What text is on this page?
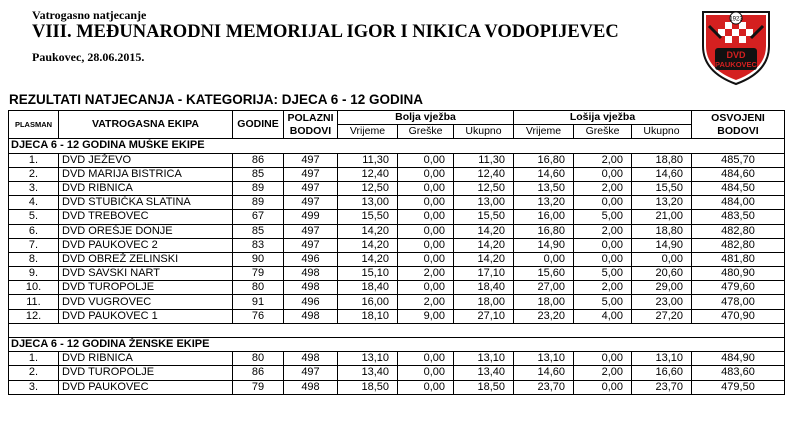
Vatrogasno natjecanje
VIII. MEĐUNARODNI MEMORIJAL IGOR I NIKICA VODOPIJEVEC
Paukovec, 28.06.2015.
1923
DVD
PAUKOVEC
REZULTATI NATJECANJA - KATEGORIJA: DJECA 6 - 12 GODINA
PLASMAN	VATROGASNA EKIPA	GODINE	POLAZNI BODOVI	Bolja vježba			Lošija vježba			OSVOJENI BODOVI
				Vrijeme	Greške	Ukupno	Vrijeme	Greške	Ukupno	
DJECA 6 - 12 GODINA MUŠKE EKIPE										
1.	DVD JEŽEVO	86	497	11,30	0,00	11,30	16,80	2,00	18,80	485,70
2.	DVD MARIJA BISTRICA	85	497	12,40	0,00	12,40	14,60	0,00	14,60	484,60
3.	DVD RIBNICA	89	497	12,50	0,00	12,50	13,50	2,00	15,50	484,50
4.	DVD STUBIČKA SLATINA	89	497	13,00	0,00	13,00	13,20	0,00	13,20	484,00
5.	DVD TREBOVEC	67	499	15,50	0,00	15,50	16,00	5,00	21,00	483,50
6.	DVD OREŠJE DONJE	85	497	14,20	0,00	14,20	16,80	2,00	18,80	482,80
7.	DVD PAUKOVEC 2	83	497	14,20	0,00	14,20	14,90	0,00	14,90	482,80
8.	DVD OBREŽ ZELINSKI	90	496	14,20	0,00	14,20	0,00	0,00	0,00	481,80
9.	DVD SAVSKI NART	79	498	15,10	2,00	17,10	15,60	5,00	20,60	480,90
10.	DVD TUROPOLJE	80	498	18,40	0,00	18,40	27,00	2,00	29,00	479,60
11.	DVD VUGROVEC	91	496	16,00	2,00	18,00	18,00	5,00	23,00	478,00
12.	DVD PAUKOVEC 1	76	498	18,10	9,00	27,10	23,20	4,00	27,20	470,90

DJECA 6 - 12 GODINA ŽENSKE EKIPE										
1.	DVD RIBNICA	80	498	13,10	0,00	13,10	13,10	0,00	13,10	484,90
2.	DVD TUROPOLJE	86	497	13,40	0,00	13,40	14,60	2,00	16,60	483,60
3.	DVD PAUKOVEC	79	498	18,50	0,00	18,50	23,70	0,00	23,70	479,50
